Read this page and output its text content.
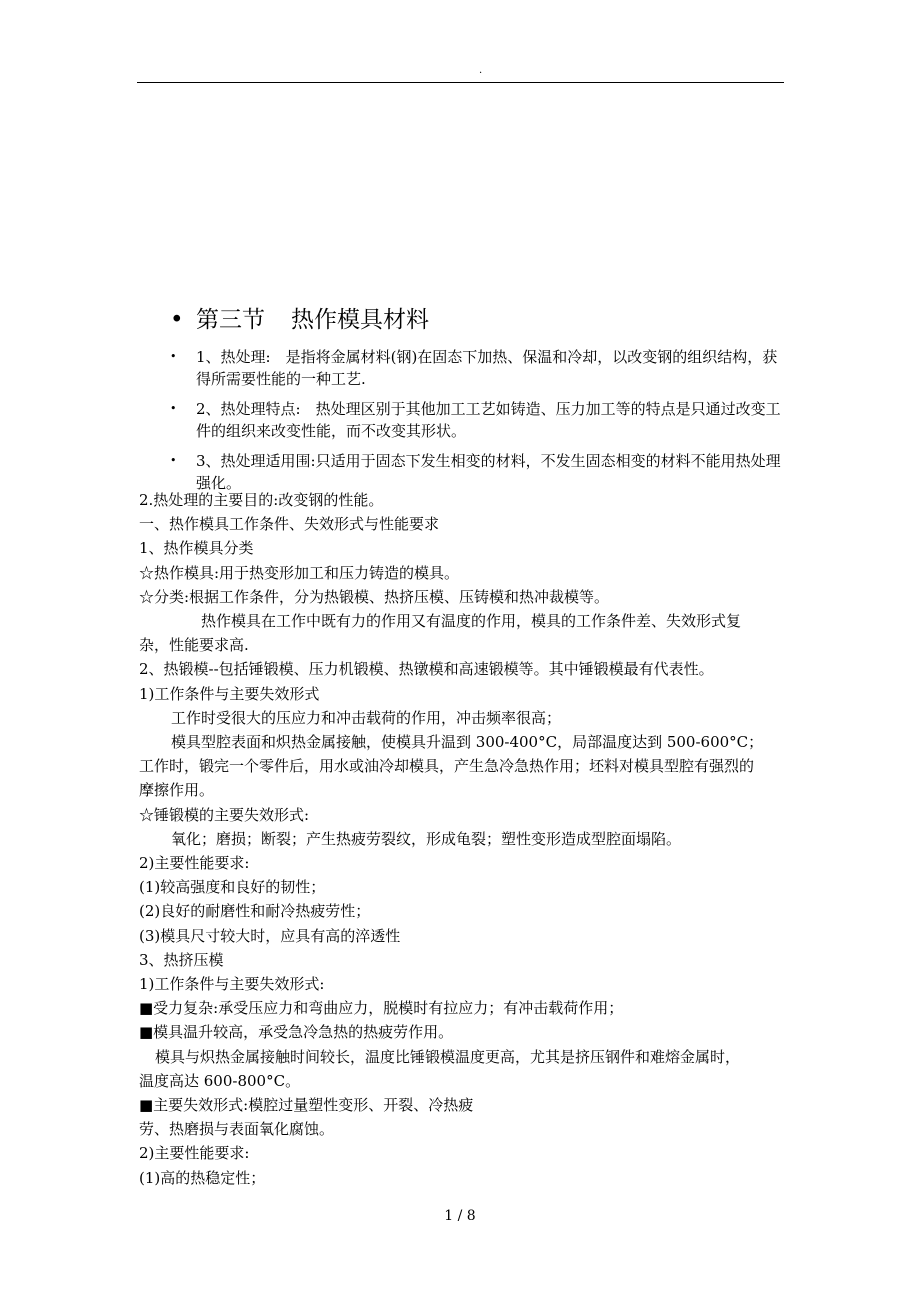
.
• 第三节 热作模具材料
• 1、热处理:　是指将金属材料(钢)在固态下加热、保温和冷却，以改变钢的组织结构，获得所需要性能的一种工艺.
• 2、热处理特点:　热处理区别于其他加工工艺如铸造、压力加工等的特点是只通过改变工件的组织来改变性能，而不改变其形状。
• 3、热处理适用围:只适用于固态下发生相变的材料，不发生固态相变的材料不能用热处理强化。
2.热处理的主要目的:改变钢的性能。
一、热作模具工作条件、失效形式与性能要求
1、热作模具分类
☆热作模具:用于热变形加工和压力铸造的模具。
☆分类:根据工作条件，分为热锻模、热挤压模、压铸模和热冲裁模等。
热作模具在工作中既有力的作用又有温度的作用，模具的工作条件差、失效形式复
杂，性能要求高.
2、热锻模--包括锤锻模、压力机锻模、热镦模和高速锻模等。其中锤锻模最有代表性。
1)工作条件与主要失效形式
工作时受很大的压应力和冲击载荷的作用，冲击频率很高；
模具型腔表面和炽热金属接触，使模具升温到 300-400°C，局部温度达到 500-600°C；
工作时，锻完一个零件后，用水或油冷却模具，产生急冷急热作用；坯料对模具型腔有强烈的
摩擦作用。
☆锤锻模的主要失效形式:
氧化；磨损；断裂；产生热疲劳裂纹，形成龟裂；塑性变形造成型腔面塌陷。
2)主要性能要求:
(1)较高强度和良好的韧性；
(2)良好的耐磨性和耐冷热疲劳性；
(3)模具尺寸较大时，应具有高的淬透性
3、热挤压模
1)工作条件与主要失效形式:
■受力复杂:承受压应力和弯曲应力，脱模时有拉应力；有冲击载荷作用；
■模具温升较高，承受急冷急热的热疲劳作用。
模具与炽热金属接触时间较长，温度比锤锻模温度更高，尤其是挤压钢件和难熔金属时，
温度高达 600-800°C。
■主要失效形式:模腔过量塑性变形、开裂、冷热疲
劳、热磨损与表面氧化腐蚀。
2)主要性能要求:
(1)高的热稳定性；
1 / 8
